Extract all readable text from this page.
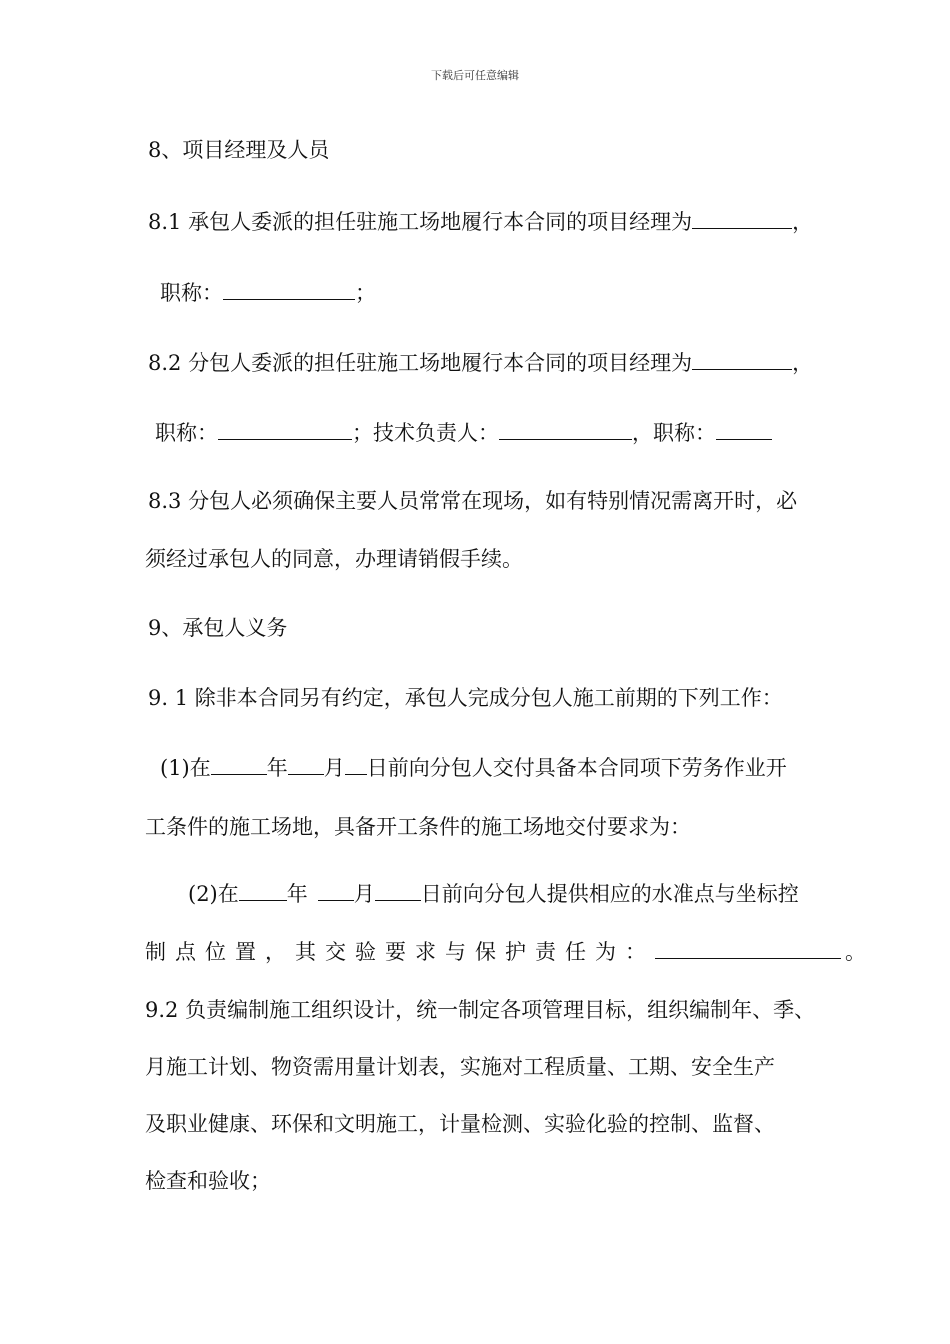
下载后可任意编辑
8、项目经理及人员
8.1 承包人委派的担任驻施工场地履行本合同的项目经理为	，
职称：	；
8.2 分包人委派的担任驻施工场地履行本合同的项目经理为	，
职称：	；技术负责人：	，职称：
8.3 分包人必须确保主要人员常常在现场，如有特别情况需离开时，必
须经过承包人的同意，办理请销假手续。
9、承包人义务
9. 1 除非本合同另有约定，承包人完成分包人施工前期的下列工作：
(1)在	年 月 日前向分包人交付具备本合同项下劳务作业开
工条件的施工场地，具备开工条件的施工场地交付要求为：
(2)在 年 月 日前向分包人提供相应的水准点与坐标控
制点位置，其交验要求与保护责任为：	。
9.2 负责编制施工组织设计，统一制定各项管理目标，组织编制年、季、
月施工计划、物资需用量计划表，实施对工程质量、工期、安全生产
及职业健康、环保和文明施工，计量检测、实验化验的控制、监督、
检查和验收；
